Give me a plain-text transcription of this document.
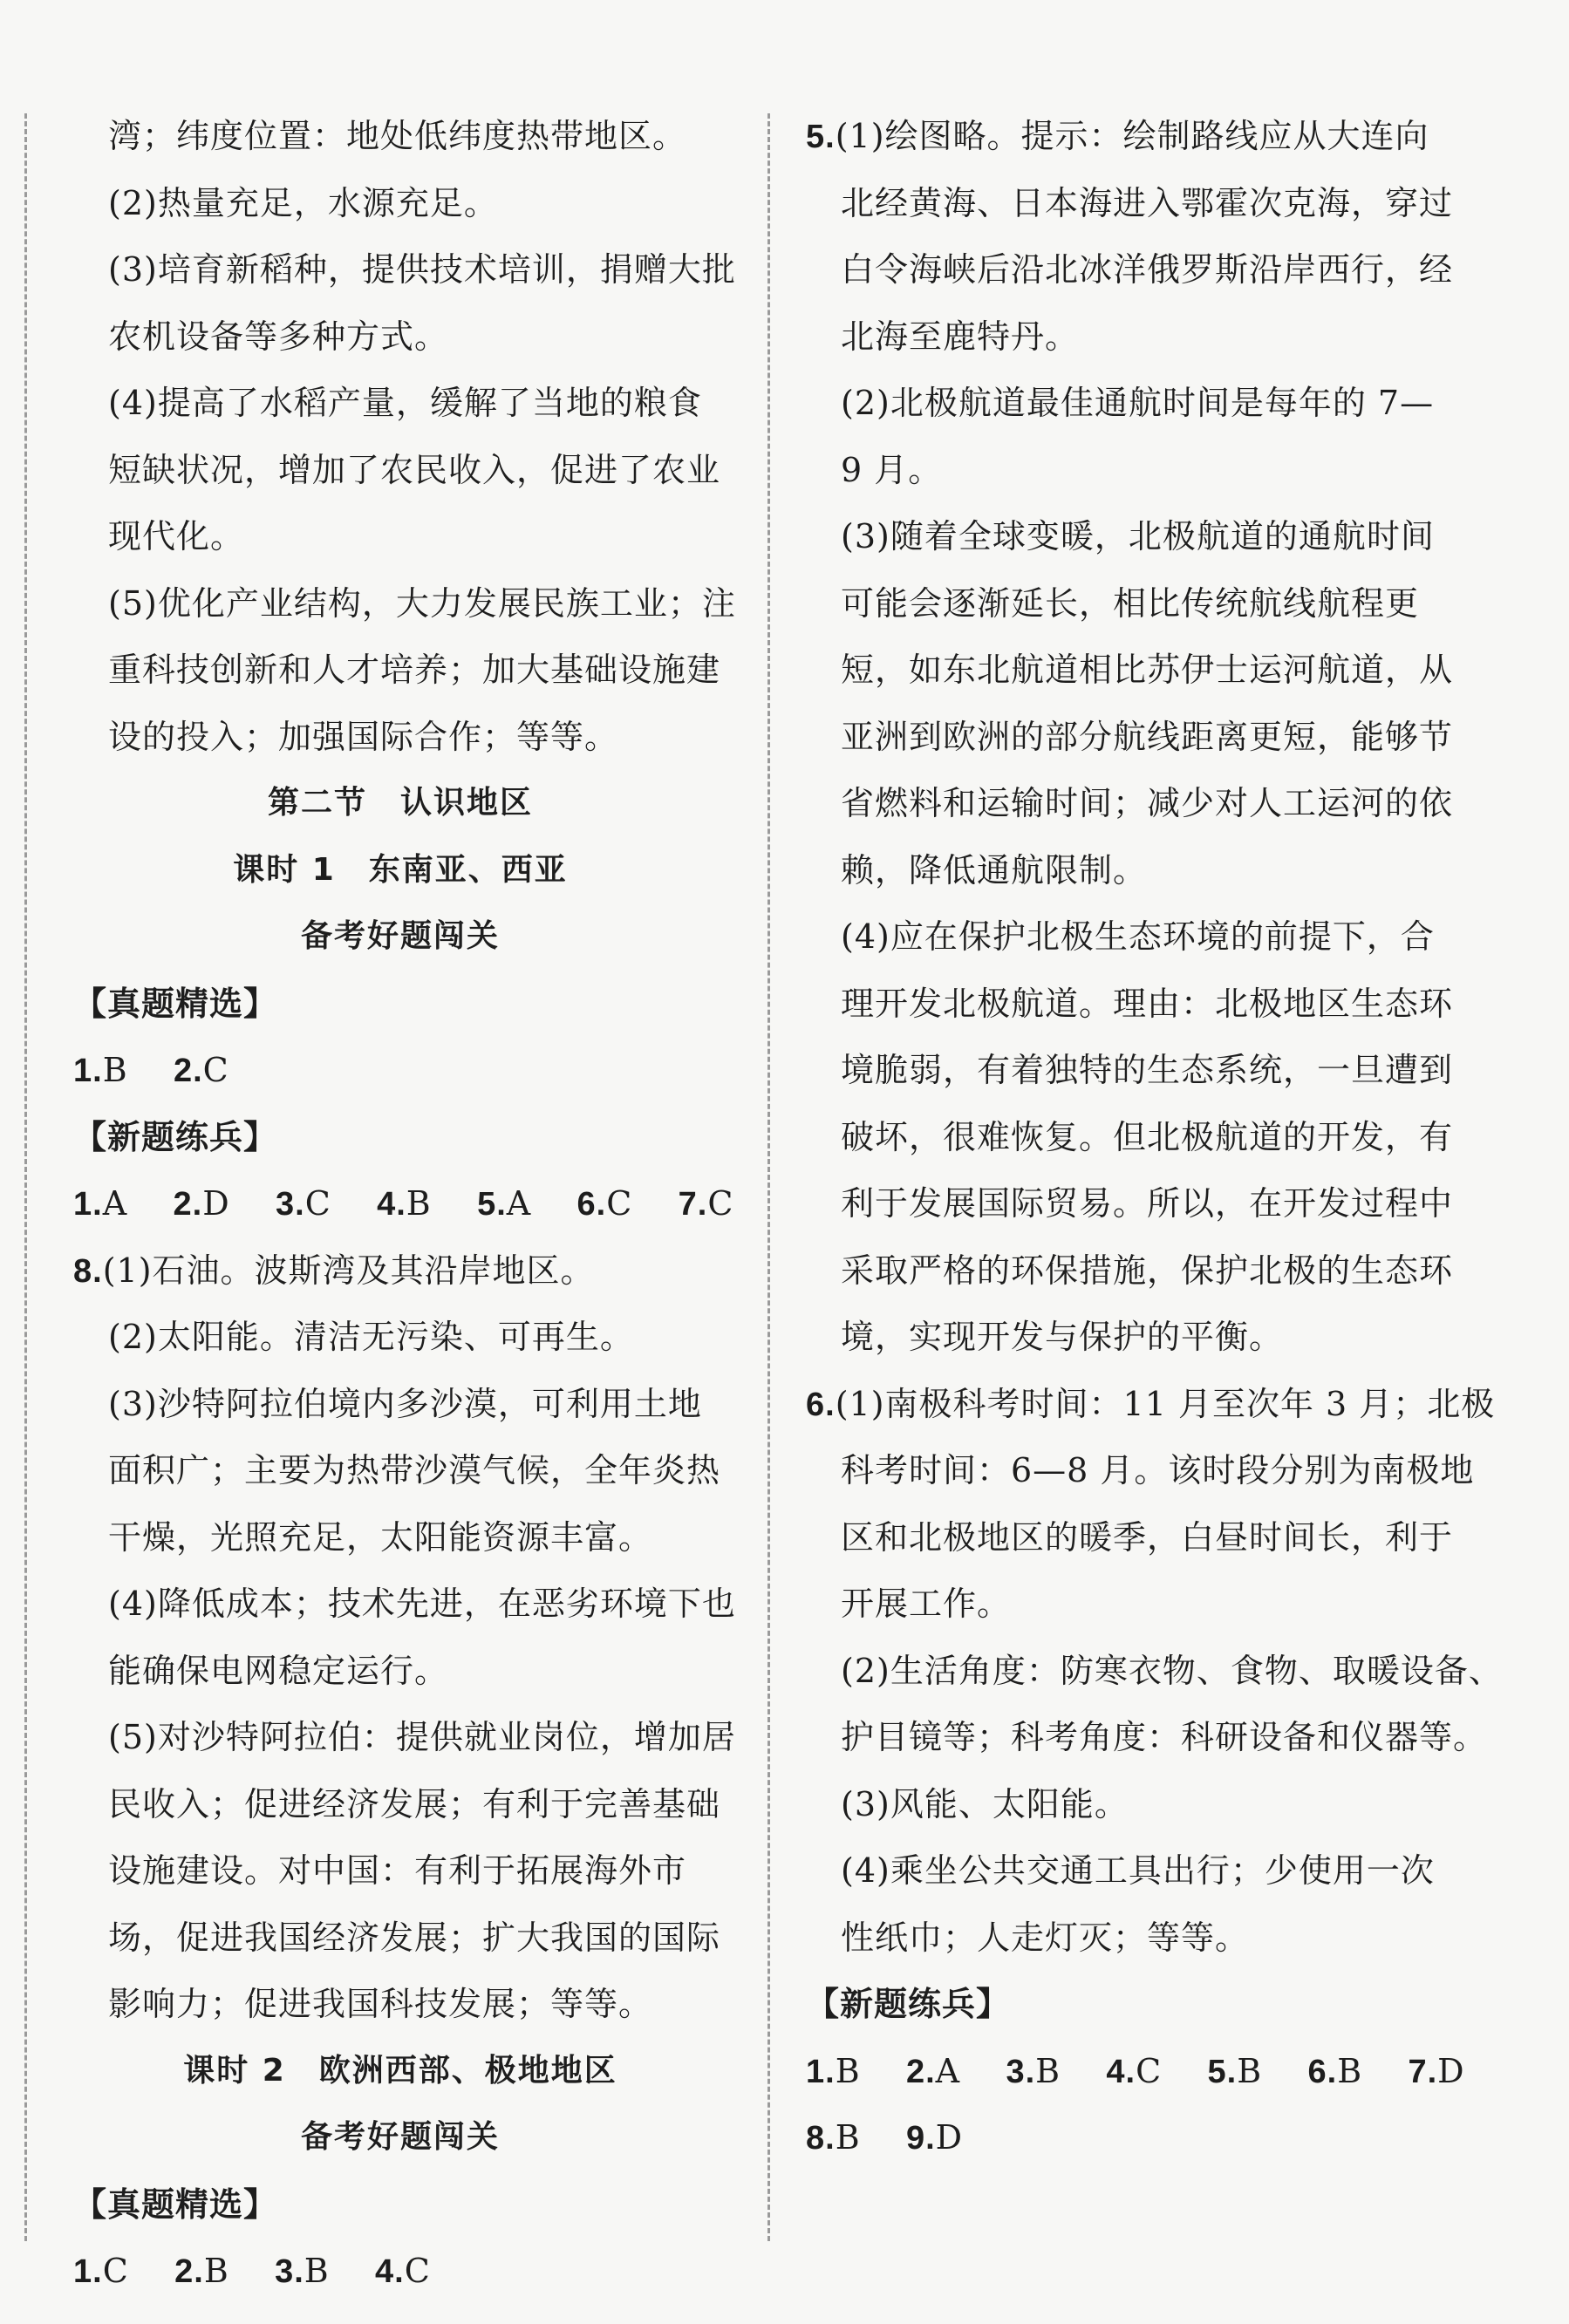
湾；纬度位置：地处低纬度热带地区。
(2)热量充足，水源充足。
(3)培育新稻种，提供技术培训，捐赠大批
农机设备等多种方式。
(4)提高了水稻产量，缓解了当地的粮食
短缺状况，增加了农民收入，促进了农业
现代化。
(5)优化产业结构，大力发展民族工业；注
重科技创新和人才培养；加大基础设施建
设的投入；加强国际合作；等等。
第二节　认识地区
课时 1　东南亚、西亚
备考好题闯关
【真题精选】
1.B 2.C
【新题练兵】
1.A 2.D 3.C 4.B 5.A 6.C 7.C
8.(1)石油。波斯湾及其沿岸地区。
(2)太阳能。清洁无污染、可再生。
(3)沙特阿拉伯境内多沙漠，可利用土地
面积广；主要为热带沙漠气候，全年炎热
干燥，光照充足，太阳能资源丰富。
(4)降低成本；技术先进，在恶劣环境下也
能确保电网稳定运行。
(5)对沙特阿拉伯：提供就业岗位，增加居
民收入；促进经济发展；有利于完善基础
设施建设。对中国：有利于拓展海外市
场，促进我国经济发展；扩大我国的国际
影响力；促进我国科技发展；等等。
课时 2　欧洲西部、极地地区
备考好题闯关
【真题精选】
1.C 2.B 3.B 4.C
5.(1)绘图略。提示：绘制路线应从大连向
北经黄海、日本海进入鄂霍次克海，穿过
白令海峡后沿北冰洋俄罗斯沿岸西行，经
北海至鹿特丹。
(2)北极航道最佳通航时间是每年的 7—
9 月。
(3)随着全球变暖，北极航道的通航时间
可能会逐渐延长，相比传统航线航程更
短，如东北航道相比苏伊士运河航道，从
亚洲到欧洲的部分航线距离更短，能够节
省燃料和运输时间；减少对人工运河的依
赖，降低通航限制。
(4)应在保护北极生态环境的前提下，合
理开发北极航道。理由：北极地区生态环
境脆弱，有着独特的生态系统，一旦遭到
破坏，很难恢复。但北极航道的开发，有
利于发展国际贸易。所以，在开发过程中
采取严格的环保措施，保护北极的生态环
境，实现开发与保护的平衡。
6.(1)南极科考时间：11 月至次年 3 月；北极
科考时间：6—8 月。该时段分别为南极地
区和北极地区的暖季，白昼时间长，利于
开展工作。
(2)生活角度：防寒衣物、食物、取暖设备、
护目镜等；科考角度：科研设备和仪器等。
(3)风能、太阳能。
(4)乘坐公共交通工具出行；少使用一次
性纸巾；人走灯灭；等等。
【新题练兵】
1.B 2.A 3.B 4.C 5.B 6.B 7.D
8.B 9.D
